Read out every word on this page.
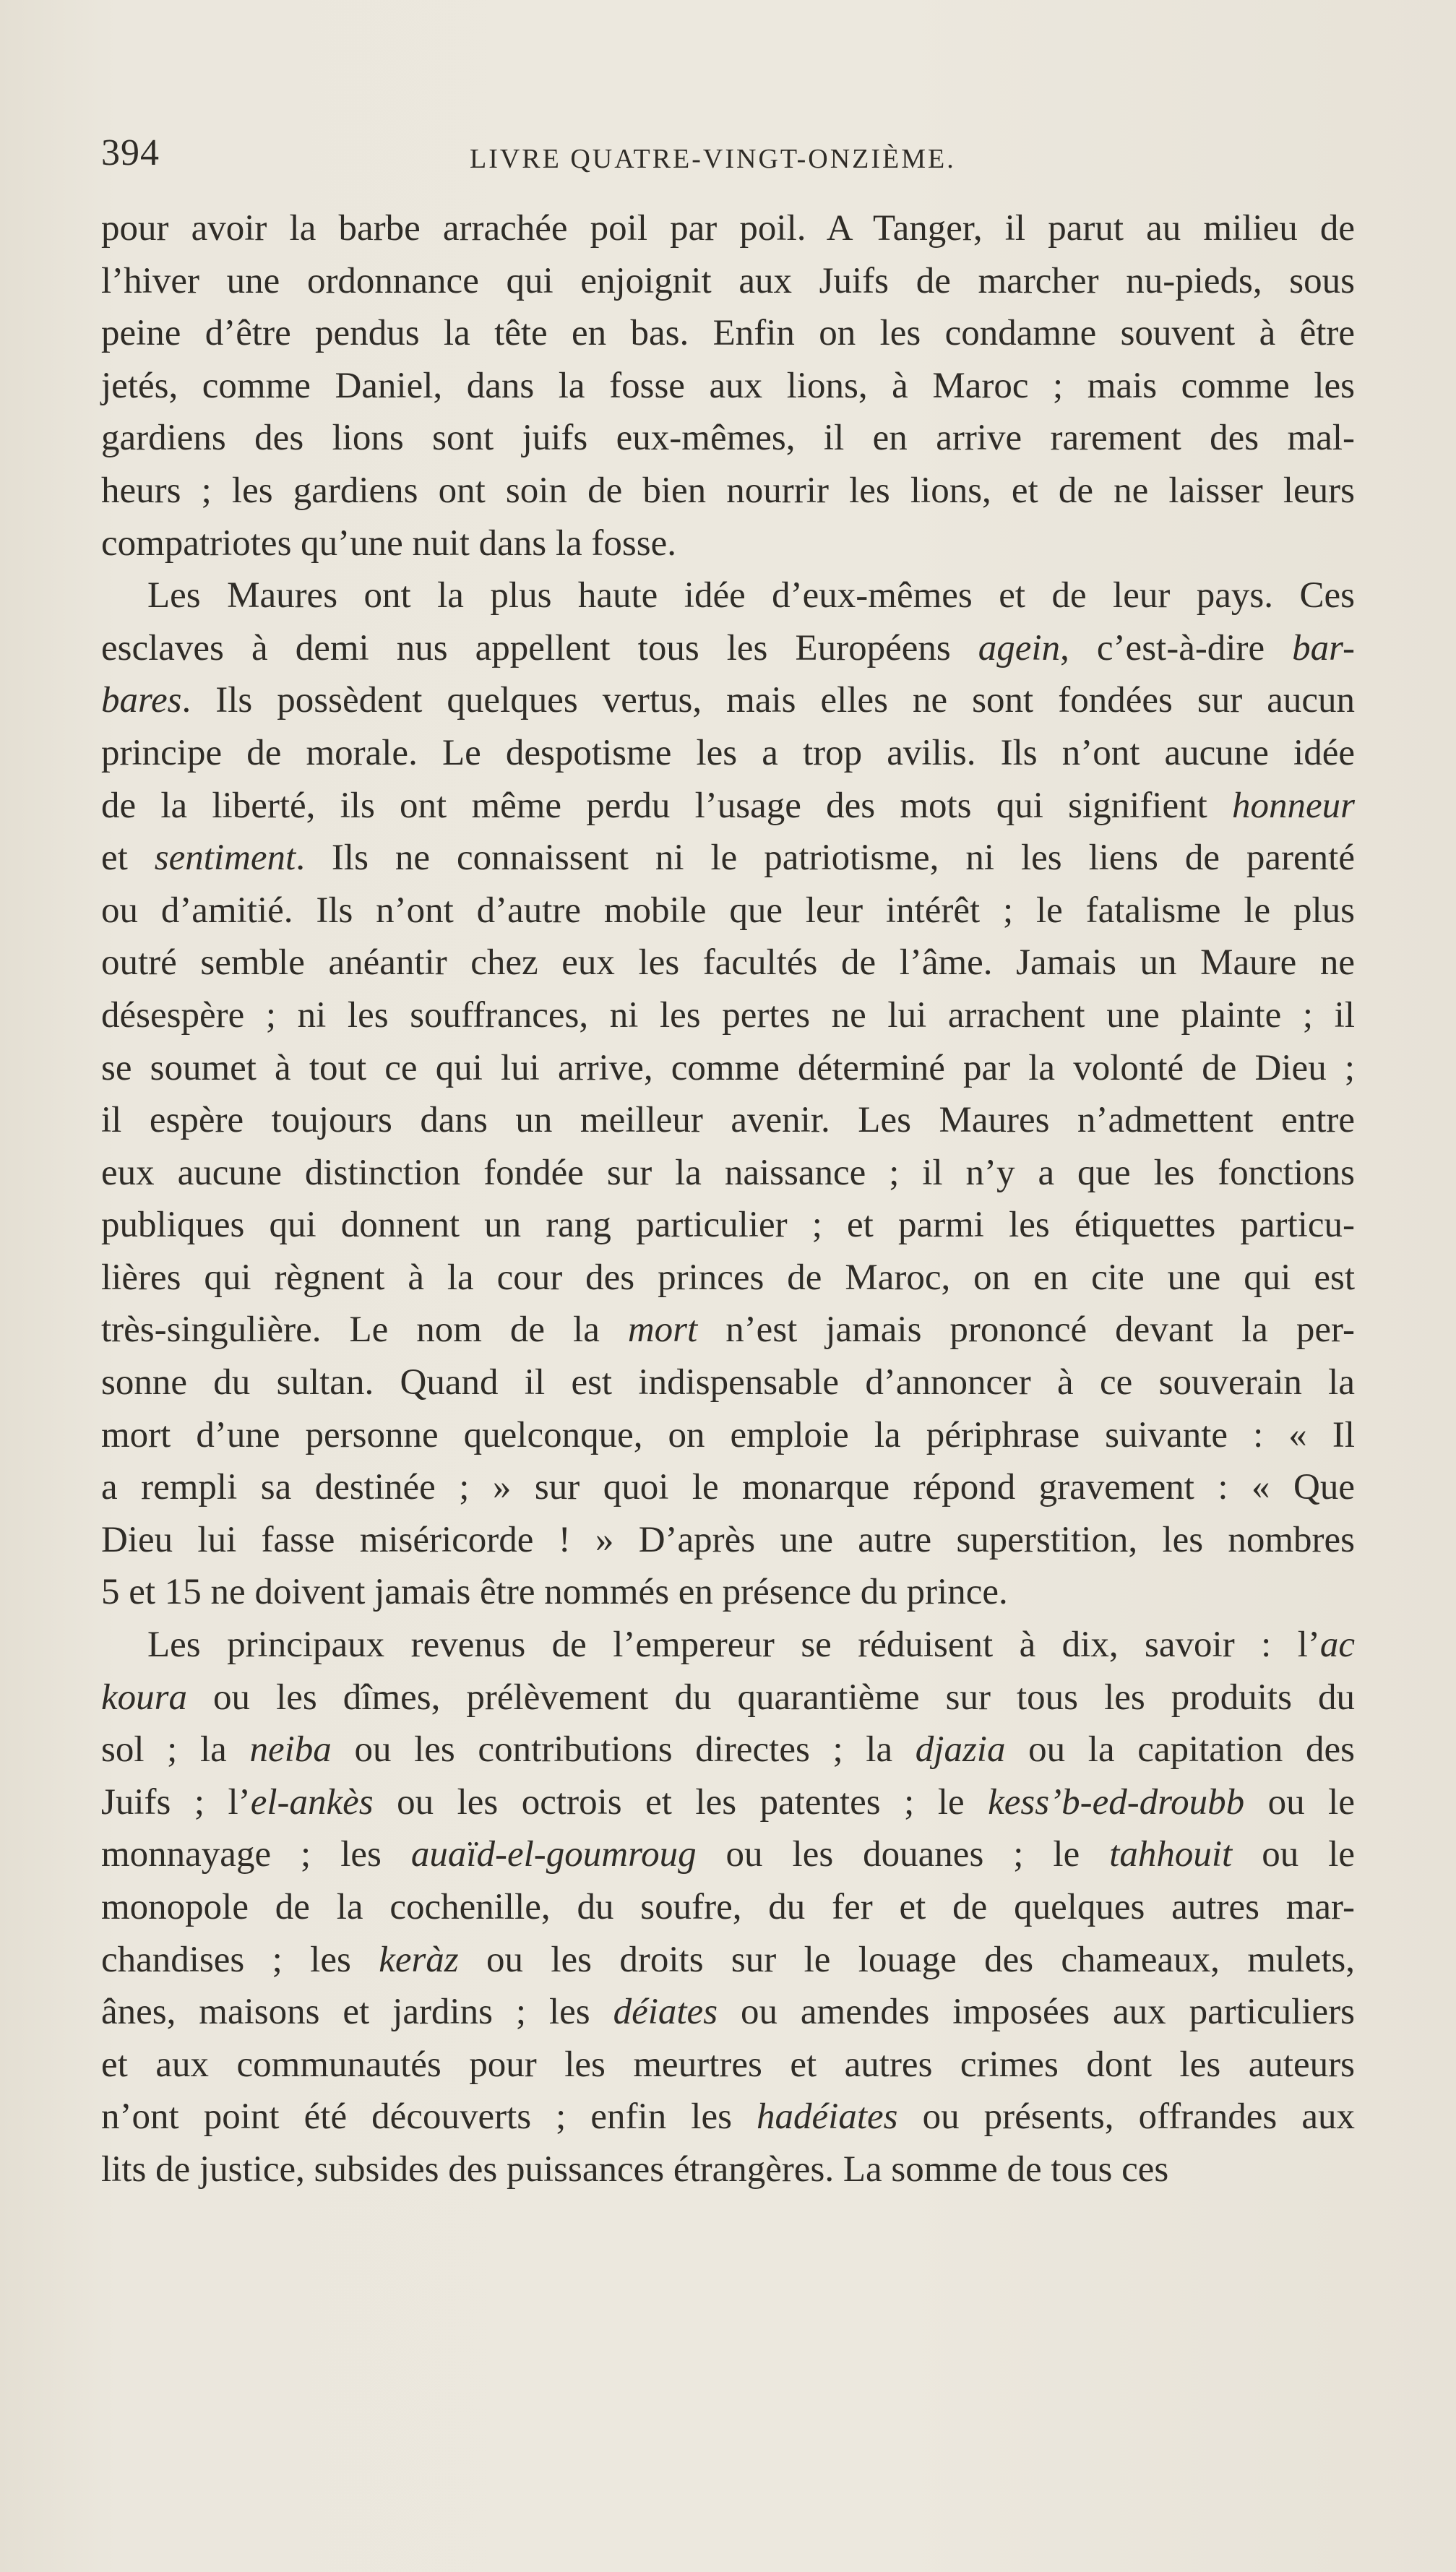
394	LIVRE QUATRE-VINGT-ONZIÈME.

pour avoir la barbe arrachée poil par poil. A Tanger, il parut au milieu de
l’hiver une ordonnance qui enjoignit aux Juifs de marcher nu-pieds, sous
peine d’être pendus la tête en bas. Enfin on les condamne souvent à être
jetés, comme Daniel, dans la fosse aux lions, à Maroc ; mais comme les
gardiens des lions sont juifs eux-mêmes, il en arrive rarement des mal-
heurs ; les gardiens ont soin de bien nourrir les lions, et de ne laisser leurs
compatriotes qu’une nuit dans la fosse.

Les Maures ont la plus haute idée d’eux-mêmes et de leur pays. Ces
esclaves à demi nus appellent tous les Européens agein, c’est-à-dire bar-
bares. Ils possèdent quelques vertus, mais elles ne sont fondées sur aucun
principe de morale. Le despotisme les a trop avilis. Ils n’ont aucune idée
de la liberté, ils ont même perdu l’usage des mots qui signifient honneur
et sentiment. Ils ne connaissent ni le patriotisme, ni les liens de parenté
ou d’amitié. Ils n’ont d’autre mobile que leur intérêt ; le fatalisme le plus
outré semble anéantir chez eux les facultés de l’âme. Jamais un Maure ne
désespère ; ni les souffrances, ni les pertes ne lui arrachent une plainte ; il
se soumet à tout ce qui lui arrive, comme déterminé par la volonté de Dieu ;
il espère toujours dans un meilleur avenir. Les Maures n’admettent entre
eux aucune distinction fondée sur la naissance ; il n’y a que les fonctions
publiques qui donnent un rang particulier ; et parmi les étiquettes particu-
lières qui règnent à la cour des princes de Maroc, on en cite une qui est
très-singulière. Le nom de la mort n’est jamais prononcé devant la per-
sonne du sultan. Quand il est indispensable d’annoncer à ce souverain la
mort d’une personne quelconque, on emploie la périphrase suivante : « Il
a rempli sa destinée ; » sur quoi le monarque répond gravement : « Que
Dieu lui fasse miséricorde ! » D’après une autre superstition, les nombres
5 et 15 ne doivent jamais être nommés en présence du prince.

Les principaux revenus de l’empereur se réduisent à dix, savoir : l’ac
koura ou les dîmes, prélèvement du quarantième sur tous les produits du
sol ; la neiba ou les contributions directes ; la djazia ou la capitation des
Juifs ; l’el-ankès ou les octrois et les patentes ; le kess’b-ed-droubb ou le
monnayage ; les auaïd-el-goumroug ou les douanes ; le tahhouit ou le
monopole de la cochenille, du soufre, du fer et de quelques autres mar-
chandises ; les keràz ou les droits sur le louage des chameaux, mulets,
ânes, maisons et jardins ; les déiates ou amendes imposées aux particuliers
et aux communautés pour les meurtres et autres crimes dont les auteurs
n’ont point été découverts ; enfin les hadéiates ou présents, offrandes aux
lits de justice, subsides des puissances étrangères. La somme de tous ces
